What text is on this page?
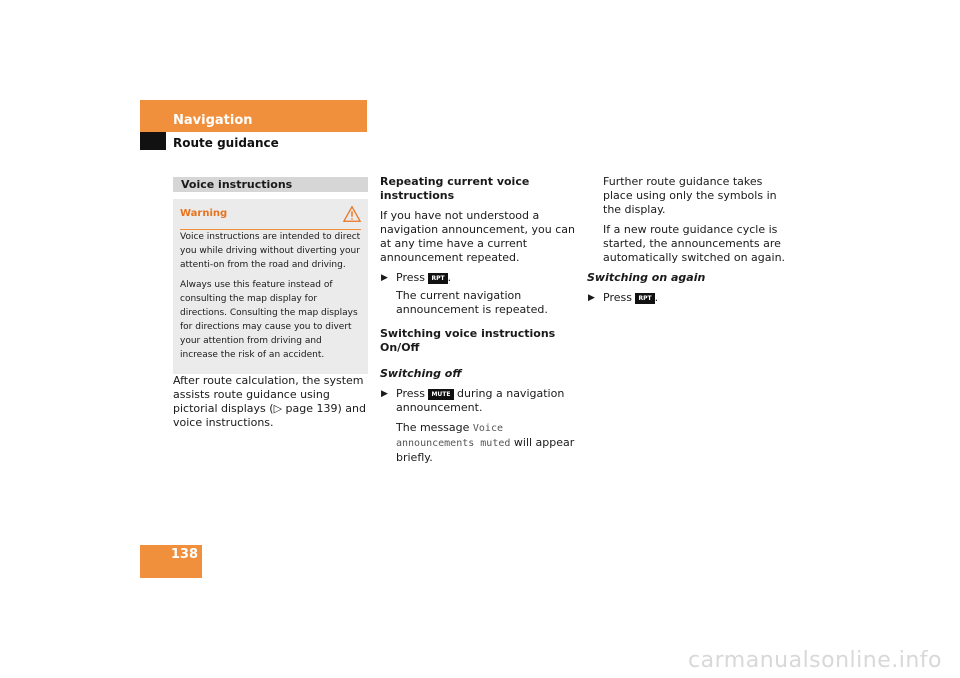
Navigation
Route guidance
Voice instructions
Warning

Voice instructions are intended to direct you while driving without diverting your attenti-on from the road and driving.

Always use this feature instead of consulting the map display for directions. Consulting the map displays for directions may cause you to divert your attention from driving and increase the risk of an accident.

After route calculation, the system assists route guidance using pictorial displays (▷ page 139) and voice instructions.

Repeating current voice instructions

If you have not understood a navigation announcement, you can at any time have a current announcement repeated.

▶ Press RPT .

The current navigation announcement is repeated.

Switching voice instructions On/Off
Switching off
▶ Press MUTE during a navigation announcement.

The message Voice announcements muted will appear briefly.

Further route guidance takes place using only the symbols in the display.

If a new route guidance cycle is started, the announcements are automatically switched on again.

Switching on again
▶ Press RPT .
138
carmanualsonline.info
